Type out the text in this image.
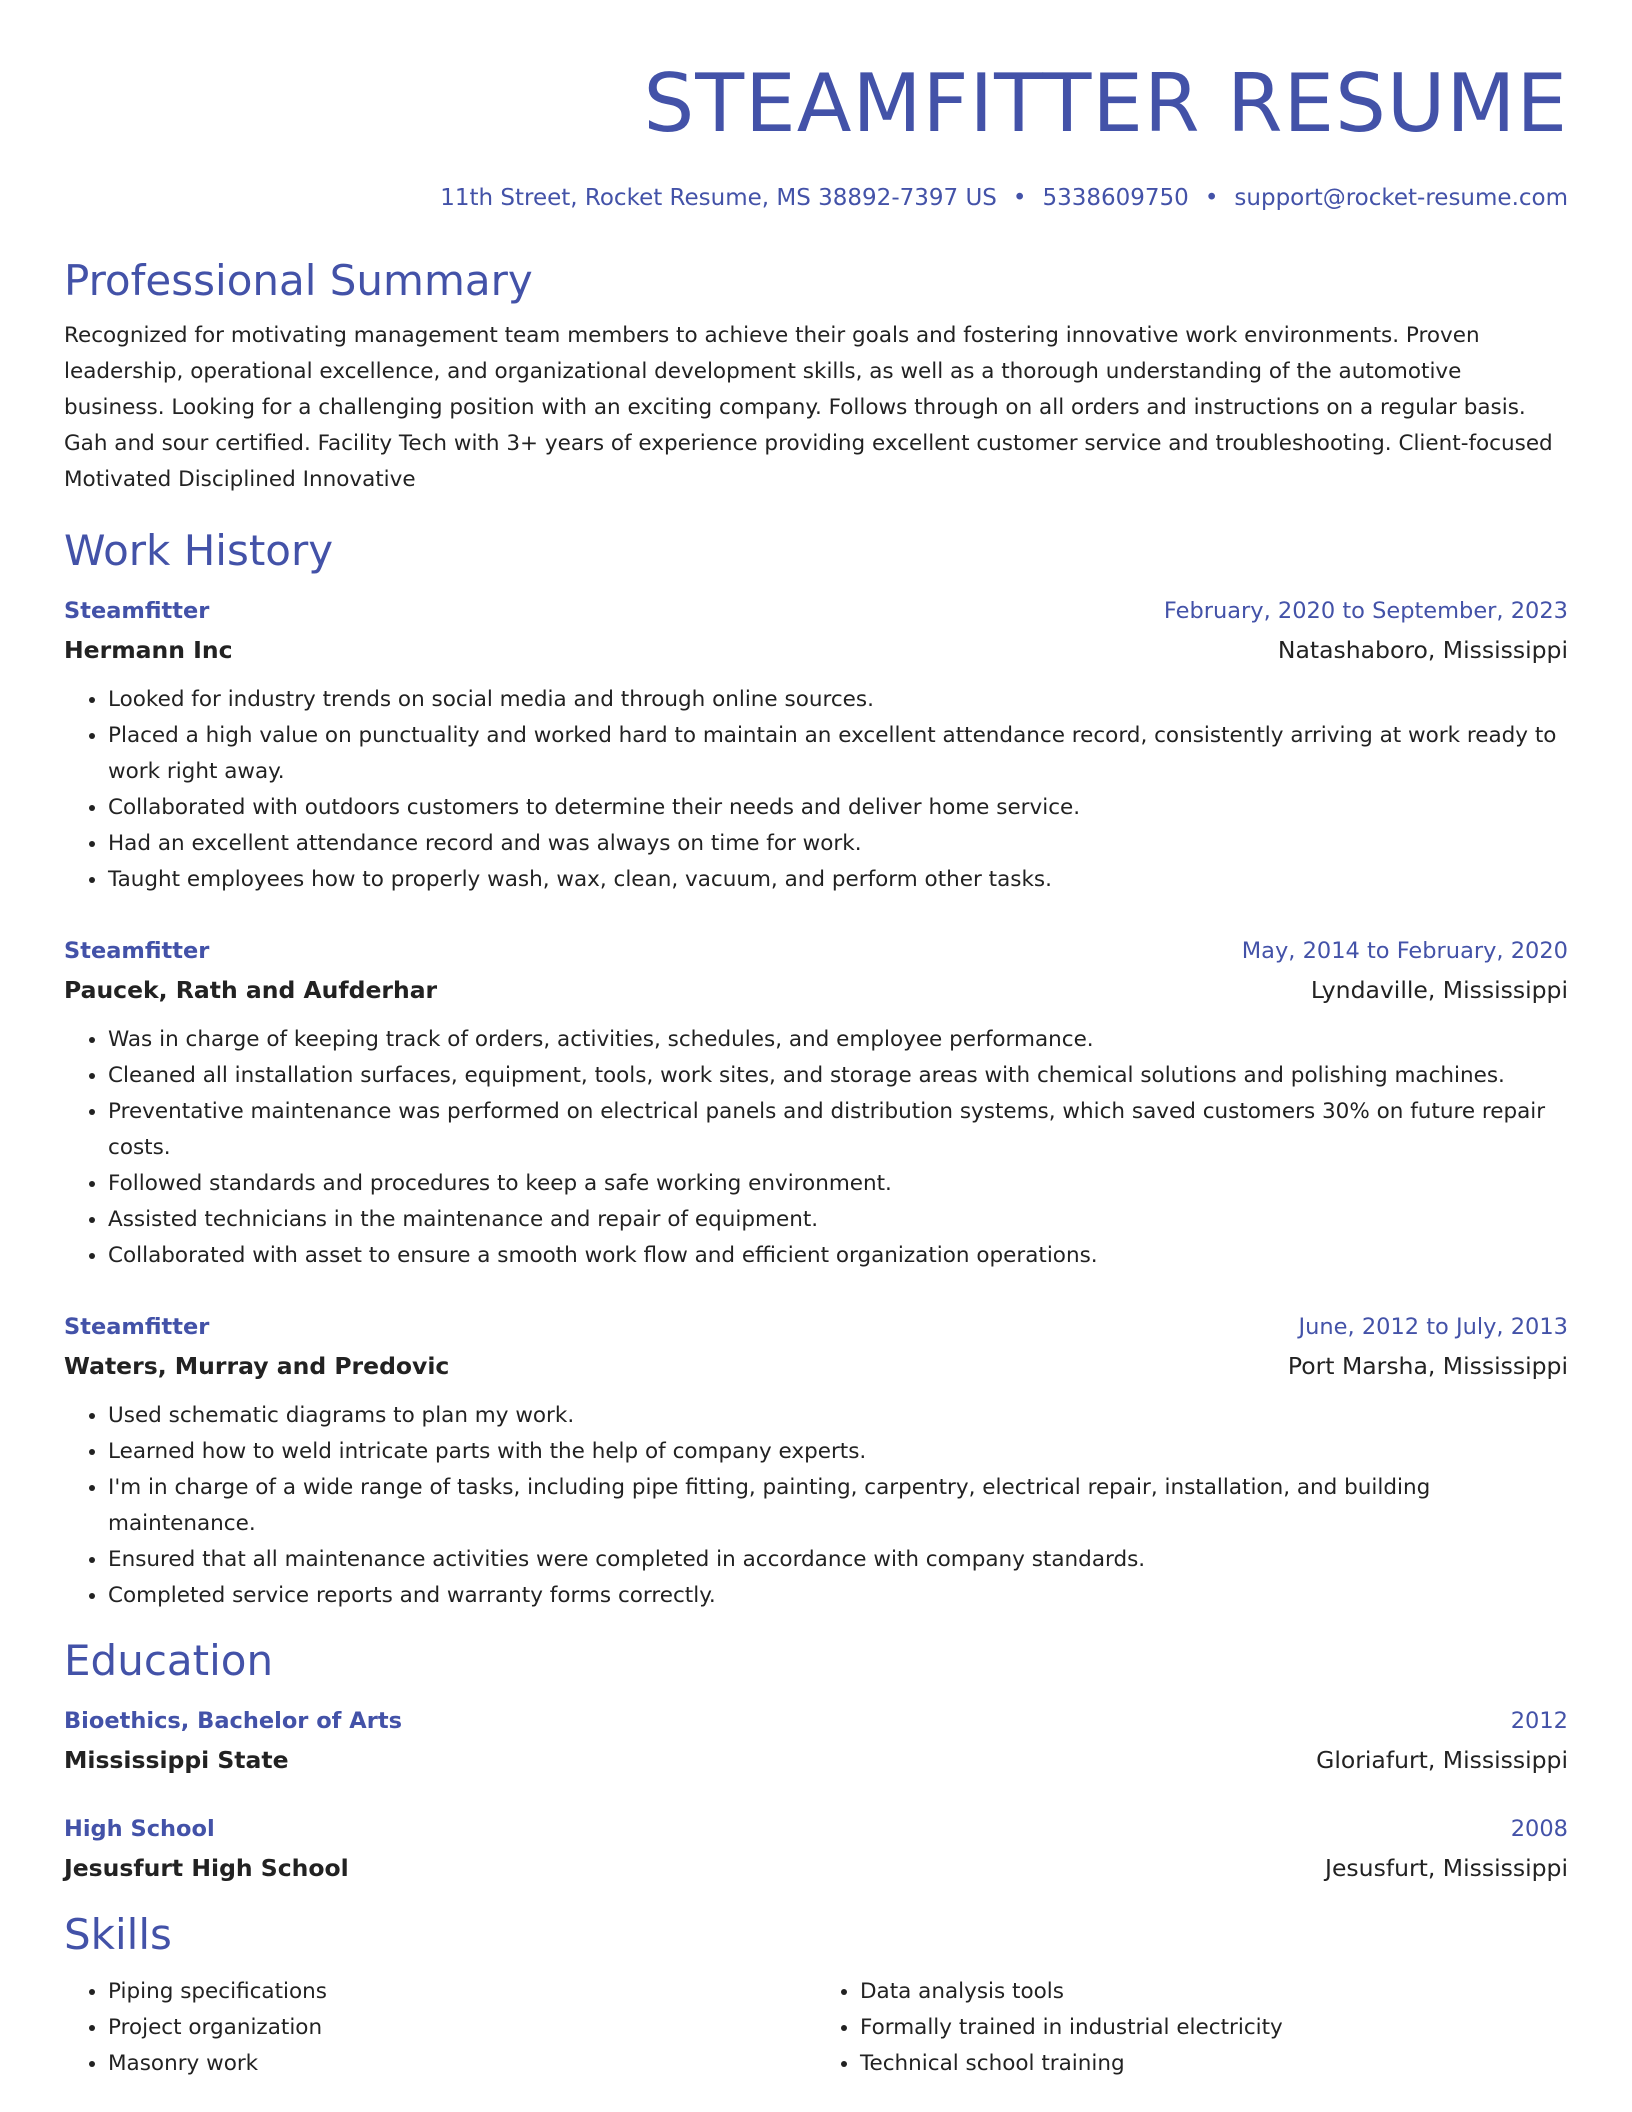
STEAMFITTER RESUME
11th Street, Rocket Resume, MS 38892-7397 US • 5338609750 • support@rocket-resume.com
Professional Summary
Recognized for motivating management team members to achieve their goals and fostering innovative work environments. Proven leadership, operational excellence, and organizational development skills, as well as a thorough understanding of the automotive business. Looking for a challenging position with an exciting company. Follows through on all orders and instructions on a regular basis. Gah and sour certified. Facility Tech with 3+ years of experience providing excellent customer service and troubleshooting. Client-focused Motivated Disciplined Innovative
Work History
Steamfitter	February, 2020 to September, 2023
Hermann Inc	Natashaboro, Mississippi
• Looked for industry trends on social media and through online sources.
• Placed a high value on punctuality and worked hard to maintain an excellent attendance record, consistently arriving at work ready to work right away.
• Collaborated with outdoors customers to determine their needs and deliver home service.
• Had an excellent attendance record and was always on time for work.
• Taught employees how to properly wash, wax, clean, vacuum, and perform other tasks.
Steamfitter	May, 2014 to February, 2020
Paucek, Rath and Aufderhar	Lyndaville, Mississippi
• Was in charge of keeping track of orders, activities, schedules, and employee performance.
• Cleaned all installation surfaces, equipment, tools, work sites, and storage areas with chemical solutions and polishing machines.
• Preventative maintenance was performed on electrical panels and distribution systems, which saved customers 30% on future repair costs.
• Followed standards and procedures to keep a safe working environment.
• Assisted technicians in the maintenance and repair of equipment.
• Collaborated with asset to ensure a smooth work flow and efficient organization operations.
Steamfitter	June, 2012 to July, 2013
Waters, Murray and Predovic	Port Marsha, Mississippi
• Used schematic diagrams to plan my work.
• Learned how to weld intricate parts with the help of company experts.
• I'm in charge of a wide range of tasks, including pipe fitting, painting, carpentry, electrical repair, installation, and building maintenance.
• Ensured that all maintenance activities were completed in accordance with company standards.
• Completed service reports and warranty forms correctly.
Education
Bioethics, Bachelor of Arts	2012
Mississippi State	Gloriafurt, Mississippi
High School	2008
Jesusfurt High School	Jesusfurt, Mississippi
Skills
• Piping specifications
• Project organization
• Masonry work
• Data analysis tools
• Formally trained in industrial electricity
• Technical school training
